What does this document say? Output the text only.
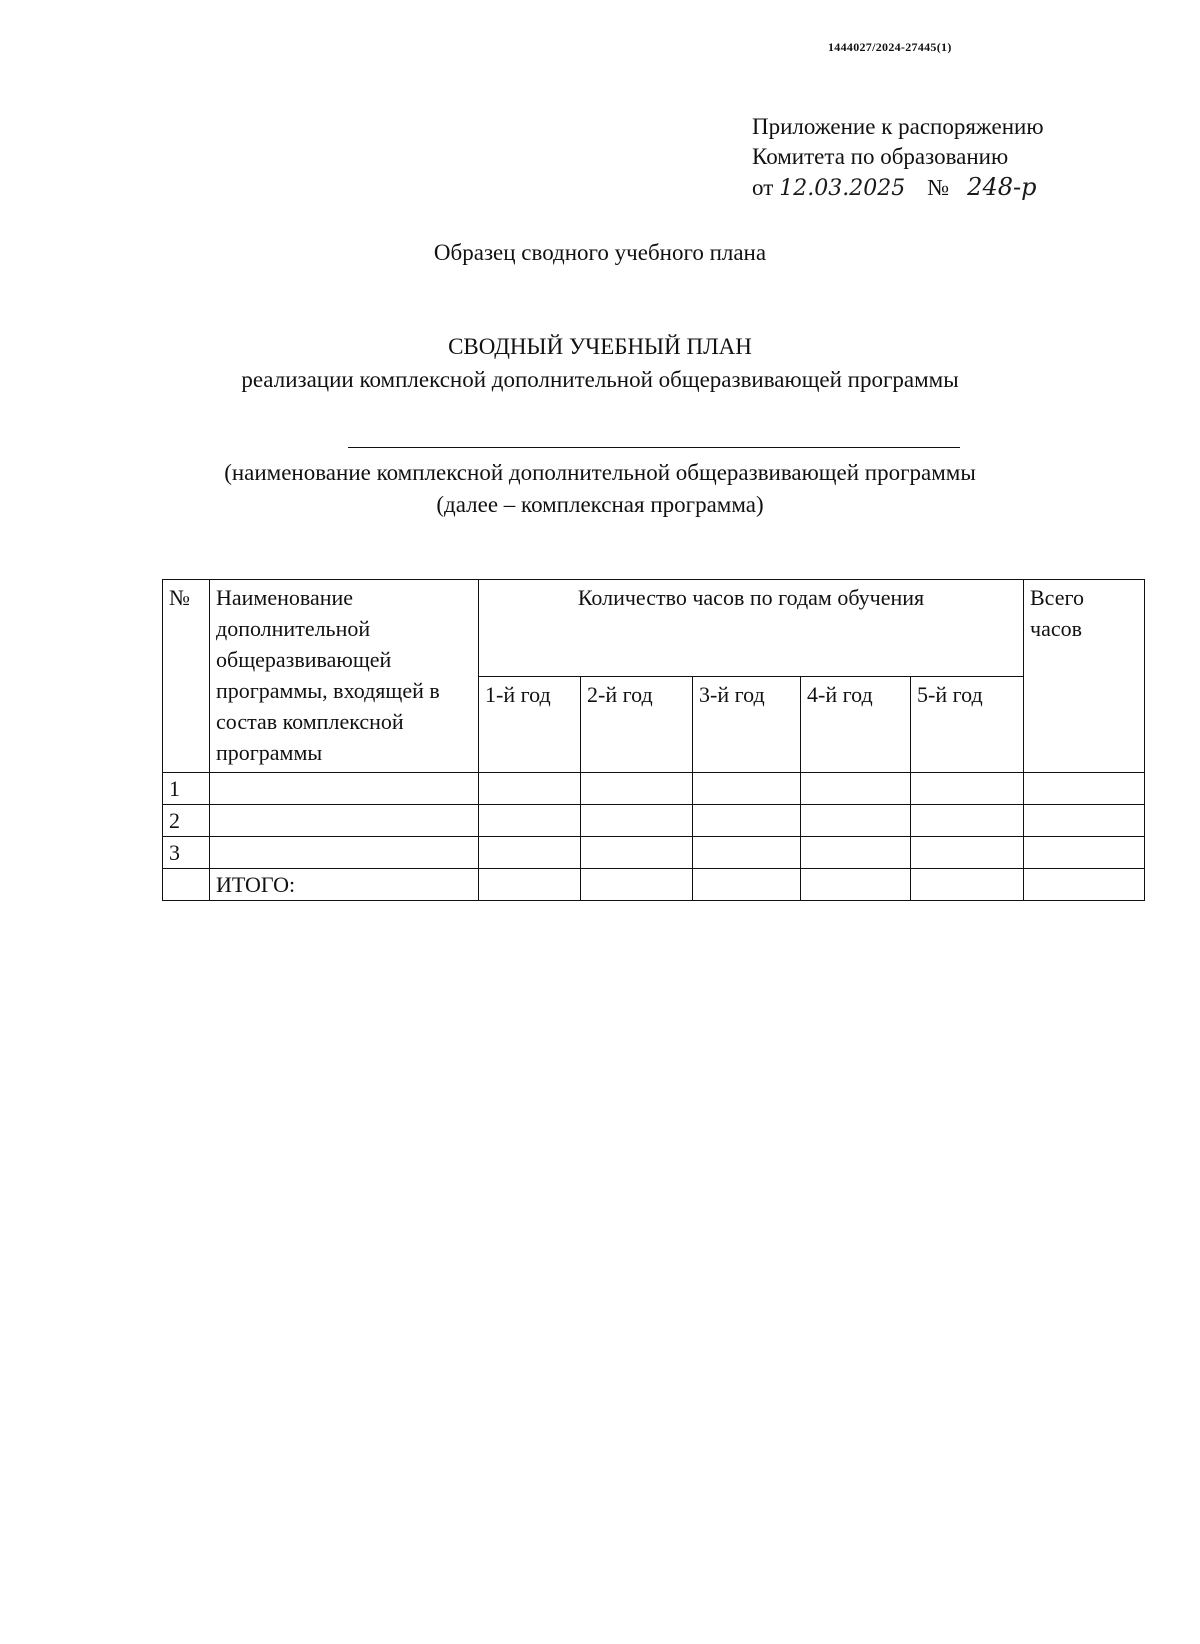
1444027/2024-27445(1)
Приложение к распоряжению
Комитета по образованию
от 12.03.2025 № 248-р
Образец сводного учебного плана
СВОДНЫЙ УЧЕБНЫЙ ПЛАН
реализации комплексной дополнительной общеразвивающей программы
(наименование комплексной дополнительной общеразвивающей программы
(далее – комплексная программа)
№	Наименование дополнительной общеразвивающей программы, входящей в состав комплексной программы	Количество часов по годам обучения					Всего часов
		1-й год	2-й год	3-й год	4-й год	5-й год	
1							
2							
3							
	ИТОГО:						
